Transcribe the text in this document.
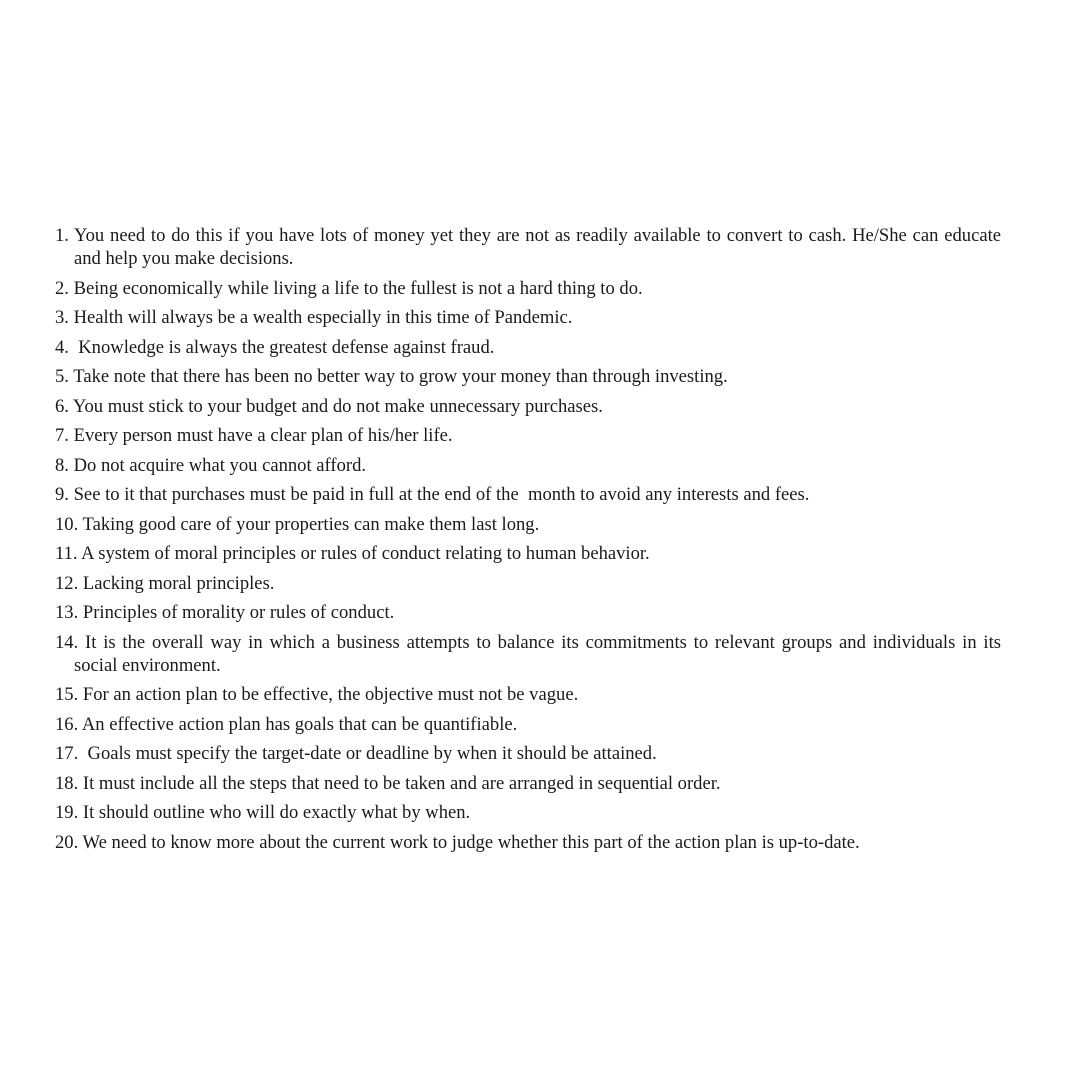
1. You need to do this if you have lots of money yet they are not as readily available to convert to cash. He/She can educate and help you make decisions.
2. Being economically while living a life to the fullest is not a hard thing to do.
3. Health will always be a wealth especially in this time of Pandemic.
4.  Knowledge is always the greatest defense against fraud.
5. Take note that there has been no better way to grow your money than through investing.
6. You must stick to your budget and do not make unnecessary purchases.
7. Every person must have a clear plan of his/her life.
8. Do not acquire what you cannot afford.
9. See to it that purchases must be paid in full at the end of the  month to avoid any interests and fees.
10. Taking good care of your properties can make them last long.
11. A system of moral principles or rules of conduct relating to human behavior.
12. Lacking moral principles.
13. Principles of morality or rules of conduct.
14. It is the overall way in which a business attempts to balance its commitments to relevant groups and individuals in its social environment.
15. For an action plan to be effective, the objective must not be vague.
16. An effective action plan has goals that can be quantifiable.
17.  Goals must specify the target-date or deadline by when it should be attained.
18. It must include all the steps that need to be taken and are arranged in sequential order.
19. It should outline who will do exactly what by when.
20. We need to know more about the current work to judge whether this part of the action plan is up-to-date.
